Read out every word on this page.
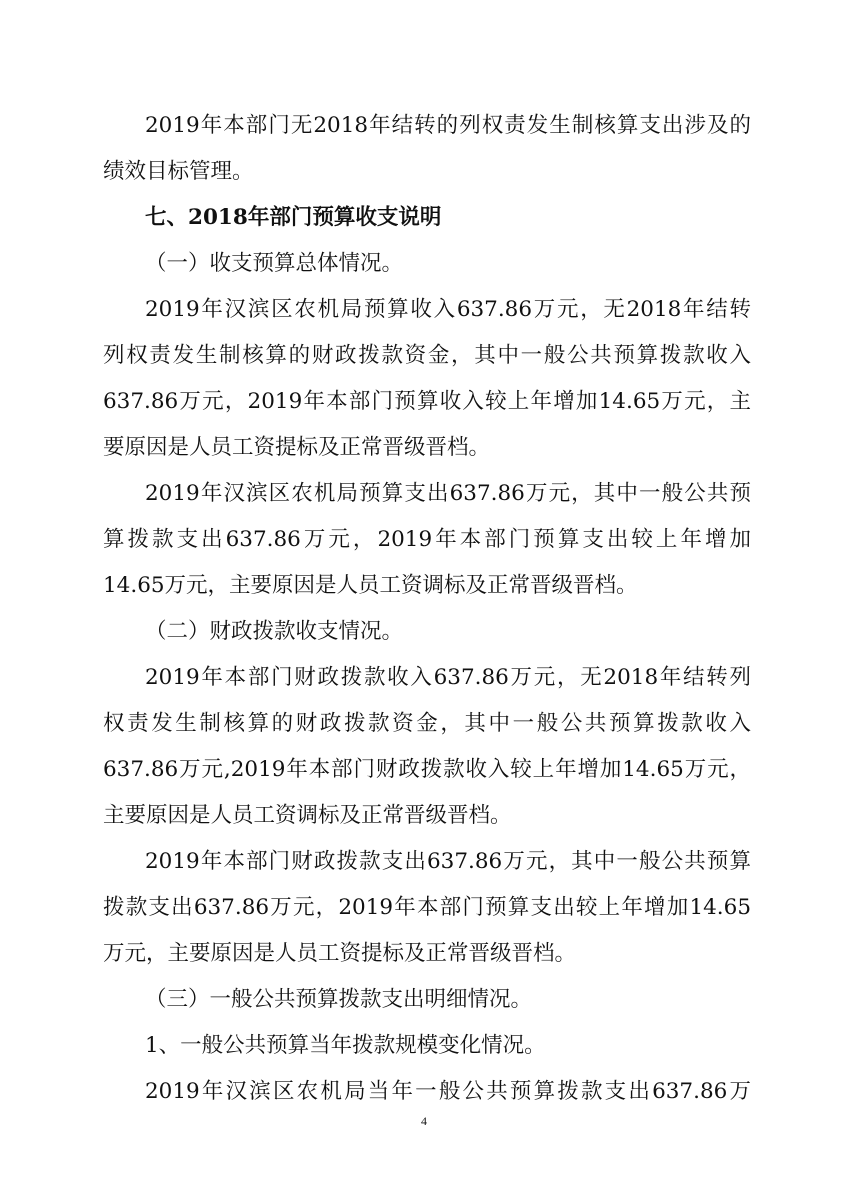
2019年本部门无2018年结转的列权责发生制核算支出涉及的
绩效目标管理。
七、2018年部门预算收支说明
（一）收支预算总体情况。
2019年汉滨区农机局预算收入637.86万元，无2018年结转
列权责发生制核算的财政拨款资金，其中一般公共预算拨款收入
637.86万元，2019年本部门预算收入较上年增加14.65万元，主
要原因是人员工资提标及正常晋级晋档。
2019年汉滨区农机局预算支出637.86万元，其中一般公共预
算拨款支出637.86万元，2019年本部门预算支出较上年增加
14.65万元，主要原因是人员工资调标及正常晋级晋档。
（二）财政拨款收支情况。
2019年本部门财政拨款收入637.86万元，无2018年结转列
权责发生制核算的财政拨款资金，其中一般公共预算拨款收入
637.86万元,2019年本部门财政拨款收入较上年增加14.65万元，
主要原因是人员工资调标及正常晋级晋档。
2019年本部门财政拨款支出637.86万元，其中一般公共预算
拨款支出637.86万元，2019年本部门预算支出较上年增加14.65
万元，主要原因是人员工资提标及正常晋级晋档。
（三）一般公共预算拨款支出明细情况。
1、一般公共预算当年拨款规模变化情况。
2019年汉滨区农机局当年一般公共预算拨款支出637.86万
4
